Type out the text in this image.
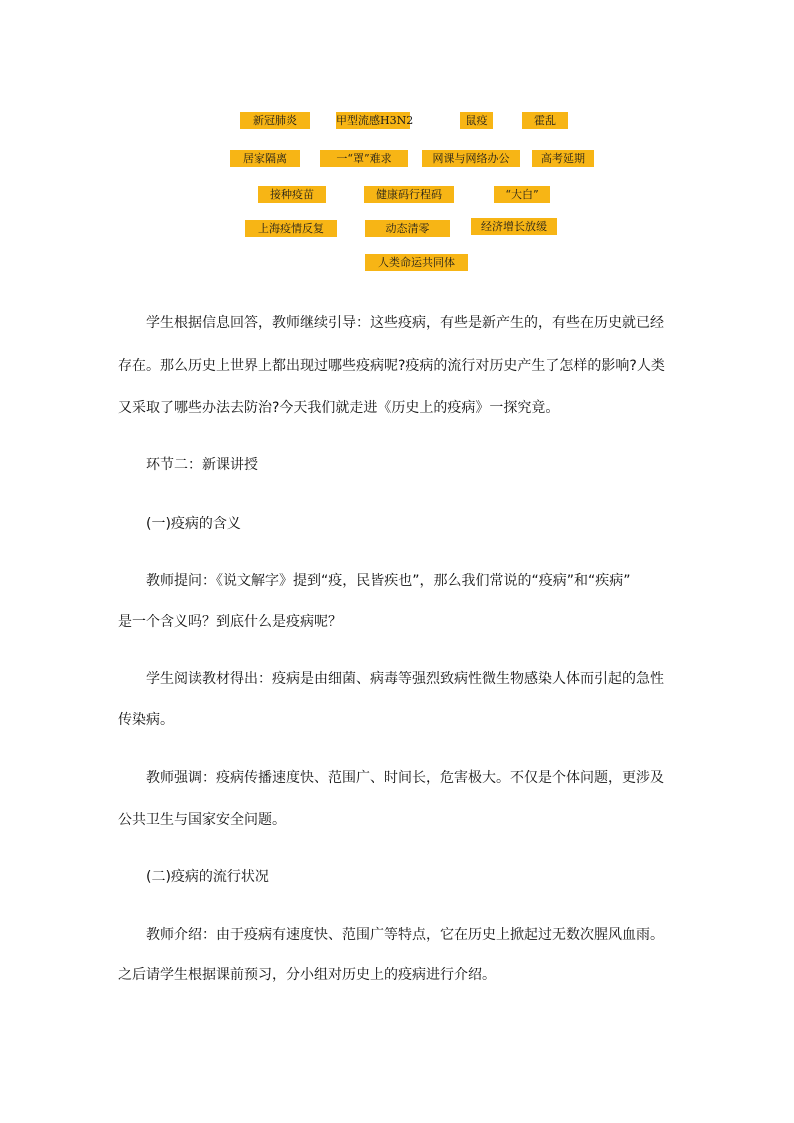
新冠肺炎	甲型流感H3N2	鼠疫	霍乱
居家隔离	一“罩”难求	网课与网络办公	高考延期
接种疫苗	健康码行程码	“大白”
上海疫情反复	动态清零	经济增长放缓
人类命运共同体
学生根据信息回答，教师继续引导：这些疫病，有些是新产生的，有些在历史就已经
存在。那么历史上世界上都出现过哪些疫病呢?疫病的流行对历史产生了怎样的影响?人类
又采取了哪些办法去防治?今天我们就走进《历史上的疫病》一探究竟。
环节二：新课讲授
(一)疫病的含义
教师提问：《说文解字》提到“疫，民皆疾也”，那么我们常说的“疫病”和“疾病”
是一个含义吗？到底什么是疫病呢？
学生阅读教材得出：疫病是由细菌、病毒等强烈致病性微生物感染人体而引起的急性
传染病。
教师强调：疫病传播速度快、范围广、时间长，危害极大。不仅是个体问题，更涉及
公共卫生与国家安全问题。
(二)疫病的流行状况
教师介绍：由于疫病有速度快、范围广等特点，它在历史上掀起过无数次腥风血雨。
之后请学生根据课前预习，分小组对历史上的疫病进行介绍。
